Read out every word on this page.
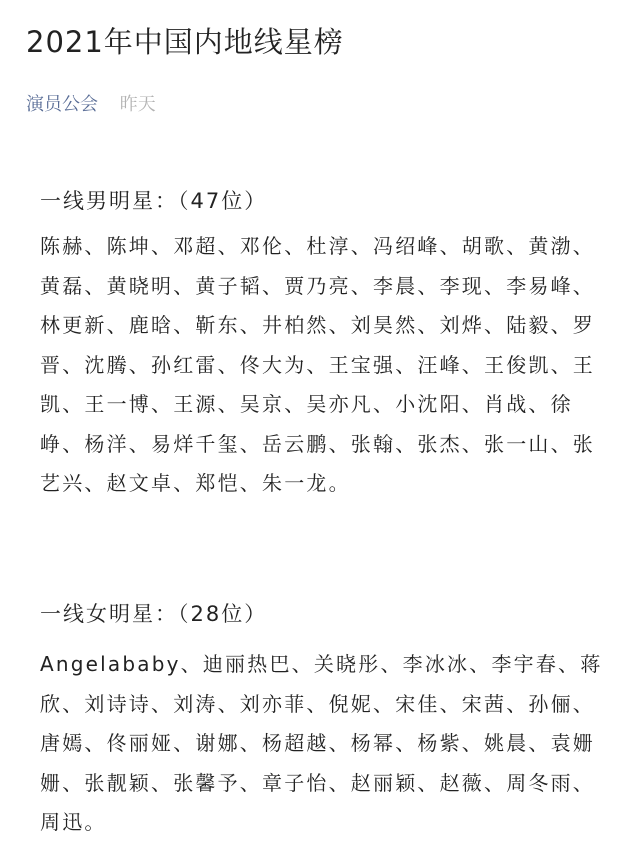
2021年中国内地线星榜
演员公会 昨天
一线男明星：（47位）

陈赫、陈坤、邓超、邓伦、杜淳、冯绍峰、胡歌、黄渤、黄磊、黄晓明、黄子韬、贾乃亮、李晨、李现、李易峰、林更新、鹿晗、靳东、井柏然、刘昊然、刘烨、陆毅、罗晋、沈腾、孙红雷、佟大为、王宝强、汪峰、王俊凯、王凯、王一博、王源、吴京、吴亦凡、小沈阳、肖战、徐峥、杨洋、易烊千玺、岳云鹏、张翰、张杰、张一山、张艺兴、赵文卓、郑恺、朱一龙。

一线女明星：（28位）

Angelababy、迪丽热巴、关晓彤、李冰冰、李宇春、蒋欣、刘诗诗、刘涛、刘亦菲、倪妮、宋佳、宋茜、孙俪、唐嫣、佟丽娅、谢娜、杨超越、杨幂、杨紫、姚晨、袁姗姗、张靓颖、张馨予、章子怡、赵丽颖、赵薇、周冬雨、周迅。
